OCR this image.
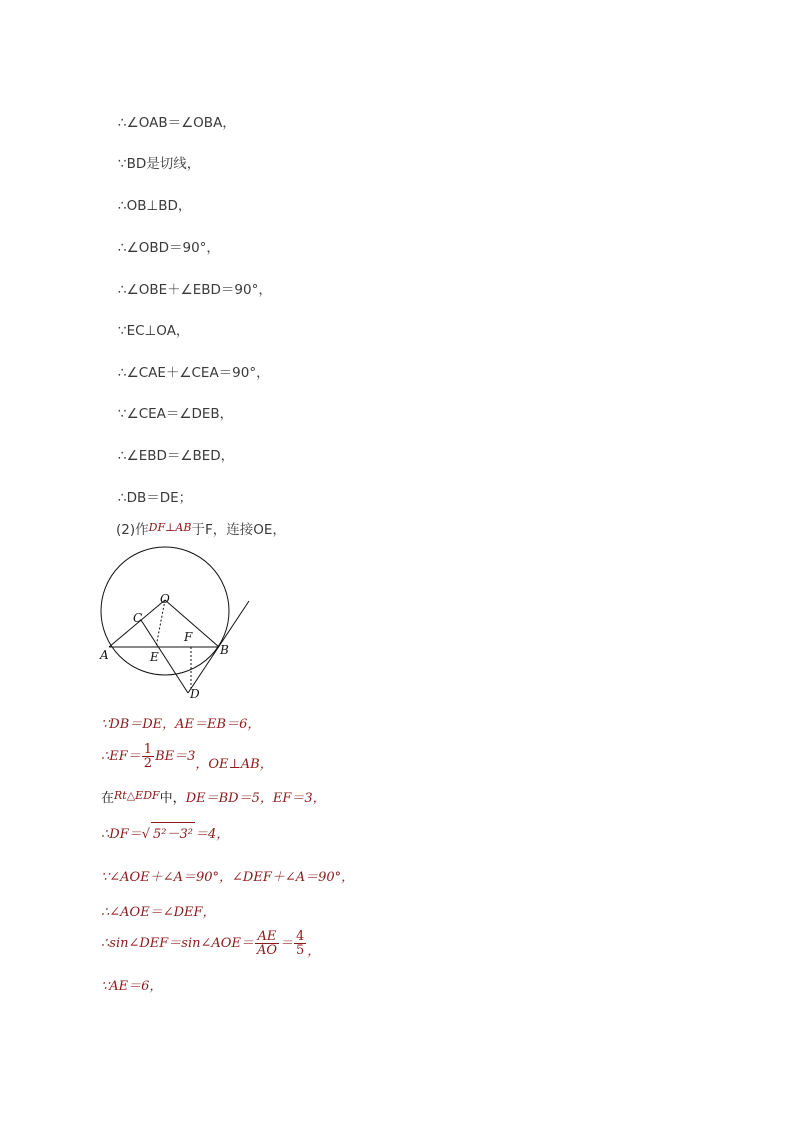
∴∠OAB＝∠OBA，
∵BD是切线，
∴OB⊥BD，
∴∠OBD＝90°，
∴∠OBE＋∠EBD＝90°，
∵EC⊥OA，
∴∠CAE＋∠CEA＝90°，
∵∠CEA＝∠DEB，
∴∠EBD＝∠BED，
∴DB＝DE；
(2)作$^{DF\perp AB}$于F，连接OE，
O
C
A	E
F
B
D
∵DB＝DE，AE＝EB＝6，
∴EF＝ $\frac{1}{2} BE=3$，OE⊥AB，
在$^{Rt\triangle EDF}$中，DE＝BD＝5，EF＝3，
∴DF＝√ 5²－3² ＝4，
∵∠AOE＋∠A＝90°，∠DEF＋∠A＝90°，
∴∠AOE＝∠DEF，
∴sin∠DEF＝sin∠AOE＝ $\frac{AE}{AO} = \frac{4}{5}$ ，
∵AE＝6，
